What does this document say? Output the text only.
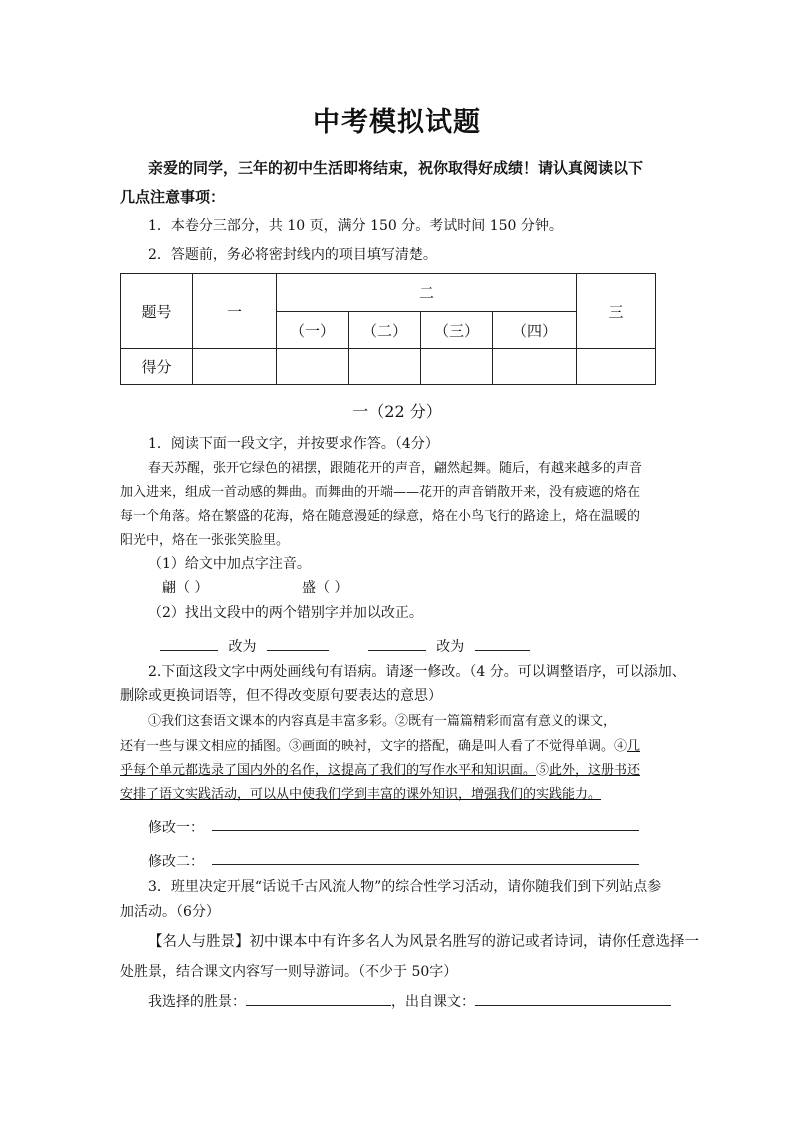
中考模拟试题
亲爱的同学，三年的初中生活即将结束，祝你取得好成绩！请认真阅读以下
几点注意事项：
1．本卷分三部分，共 10 页，满分 150 分。考试时间 150 分钟。
2．答题前，务必将密封线内的项目填写清楚。
题号	一	二				三
		（一）	（二）	（三）	（四）	
得分						
一（22 分）
1．阅读下面一段文字，并按要求作答。（4分）
春天苏醒，张开它绿色的裙摆，跟随花开的声音，翩然起舞。随后，有越来越多的声音
加入进来，组成一首动感的舞曲。而舞曲的开端——花开的声音销散开来，没有疲遮的烙在
每一个角落。烙在繁盛的花海，烙在随意漫延的绿意，烙在小鸟飞行的路途上，烙在温暖的
阳光中，烙在一张张笑脸里。
（1）给文中加点字注音。
翩（ ）	盛（ ）
（2）找出文段中的两个错别字并加以改正。
改为	改为
2.下面这段文字中两处画线句有语病。请逐一修改。（4 分。可以调整语序，可以添加、
删除或更换词语等，但不得改变原句要表达的意思）
①我们这套语文课本的内容真是丰富多彩。②既有一篇篇精彩而富有意义的课文，
还有一些与课文相应的插图。③画面的映衬，文字的搭配，确是叫人看了不觉得单调。④几
乎每个单元都选录了国内外的名作，这提高了我们的写作水平和知识面。⑤此外，这册书还
安排了语文实践活动，可以从中使我们学到丰富的课外知识，增强我们的实践能力。
修改一：
修改二：
3．班里决定开展“话说千古风流人物”的综合性学习活动，请你随我们到下列站点参
加活动。（6分）
【名人与胜景】初中课本中有许多名人为风景名胜写的游记或者诗词，请你任意选择一
处胜景，结合课文内容写一则导游词。（不少于 50字）
我选择的胜景：	，出自课文：
